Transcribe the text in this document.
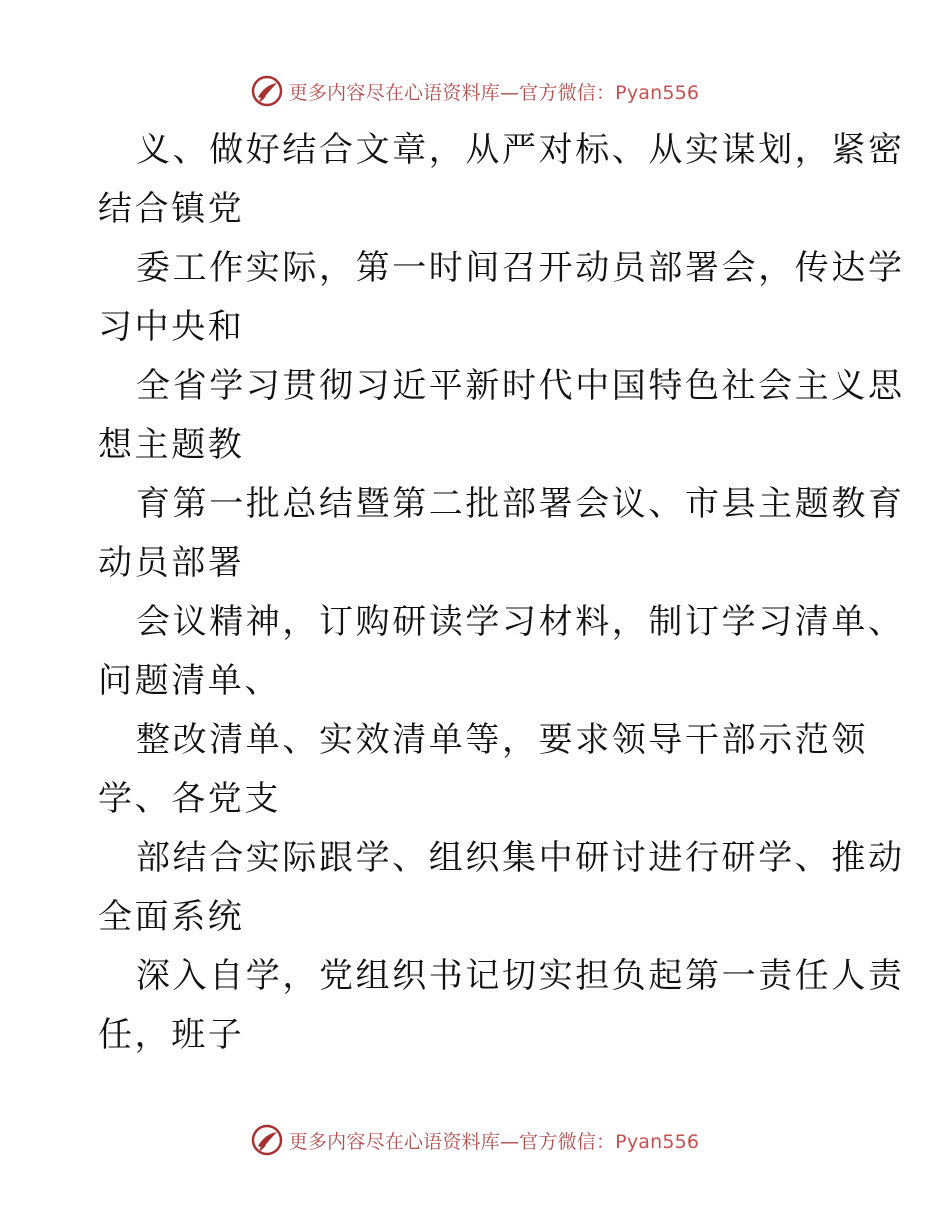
更多内容尽在心语资料库—官方微信：Pyan556

义、做好结合文章，从严对标、从实谋划，紧密
结合镇党

委工作实际，第一时间召开动员部署会，传达学
习中央和

全省学习贯彻习近平新时代中国特色社会主义思
想主题教

育第一批总结暨第二批部署会议、市县主题教育
动员部署

会议精神，订购研读学习材料，制订学习清单、
问题清单、

整改清单、实效清单等，要求领导干部示范领
学、各党支

部结合实际跟学、组织集中研讨进行研学、推动
全面系统

深入自学，党组织书记切实担负起第一责任人责
任，班子

更多内容尽在心语资料库—官方微信：Pyan556
